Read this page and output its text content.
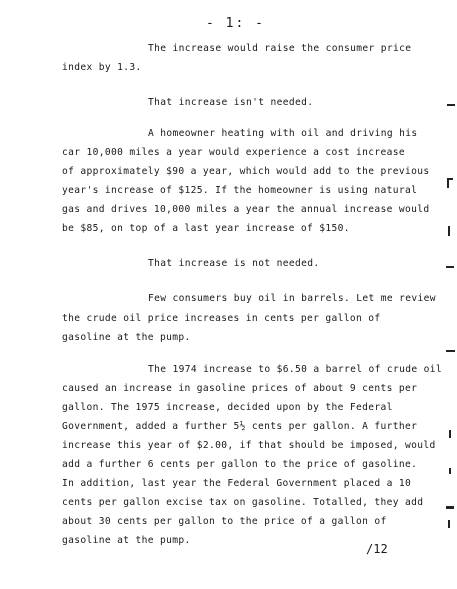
- 1: -
The increase would raise the consumer price
index by 1.3.
That increase isn't needed.
A homeowner heating with oil and driving his
car 10,000 miles a year would experience a cost increase
of approximately $90 a year, which would add to the previous
year's increase of $125. If the homeowner is using natural
gas and drives 10,000 miles a year the annual increase would
be $85, on top of a last year increase of $150.
That increase is not needed.
Few consumers buy oil in barrels. Let me review
the crude oil price increases in cents per gallon of
gasoline at the pump.
The 1974 increase to $6.50 a barrel of crude oil
caused an increase in gasoline prices of about 9 cents per
gallon. The 1975 increase, decided upon by the Federal
Government, added a further 5½ cents per gallon. A further
increase this year of $2.00, if that should be imposed, would
add a further 6 cents per gallon to the price of gasoline.
In addition, last year the Federal Government placed a 10
cents per gallon excise tax on gasoline. Totalled, they add
about 30 cents per gallon to the price of a gallon of
gasoline at the pump.
/12
